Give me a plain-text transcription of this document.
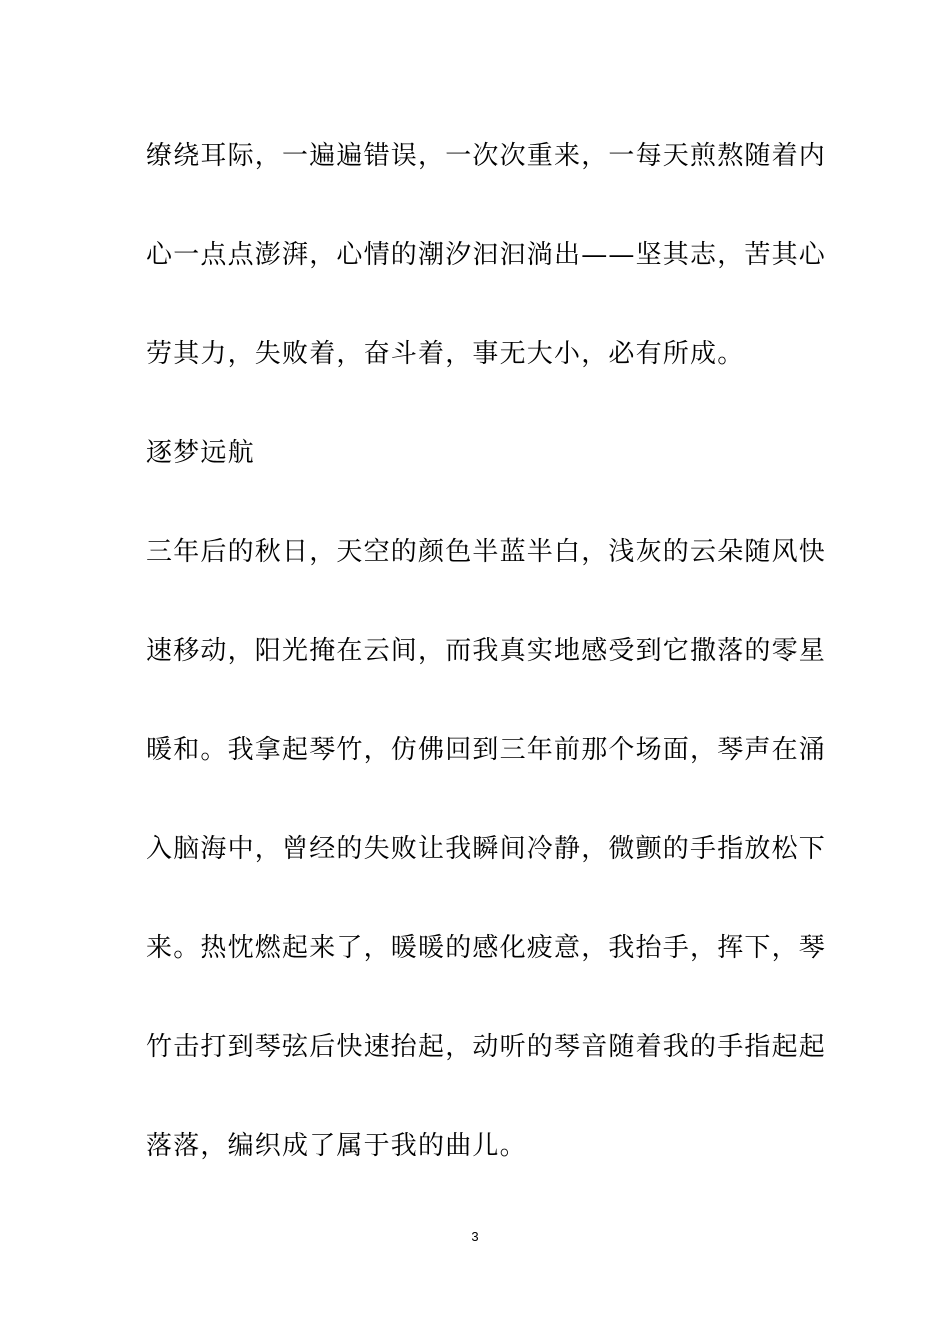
缭绕耳际，一遍遍错误，一次次重来，一每天煎熬随着内
心一点点澎湃，心情的潮汐汩汩淌出——坚其志，苦其心
劳其力，失败着，奋斗着，事无大小，必有所成。
逐梦远航
三年后的秋日，天空的颜色半蓝半白，浅灰的云朵随风快
速移动，阳光掩在云间，而我真实地感受到它撒落的零星
暖和。我拿起琴竹，仿佛回到三年前那个场面，琴声在涌
入脑海中，曾经的失败让我瞬间冷静，微颤的手指放松下
来。热忱燃起来了，暖暖的感化疲意，我抬手，挥下，琴
竹击打到琴弦后快速抬起，动听的琴音随着我的手指起起
落落，编织成了属于我的曲儿。
3
